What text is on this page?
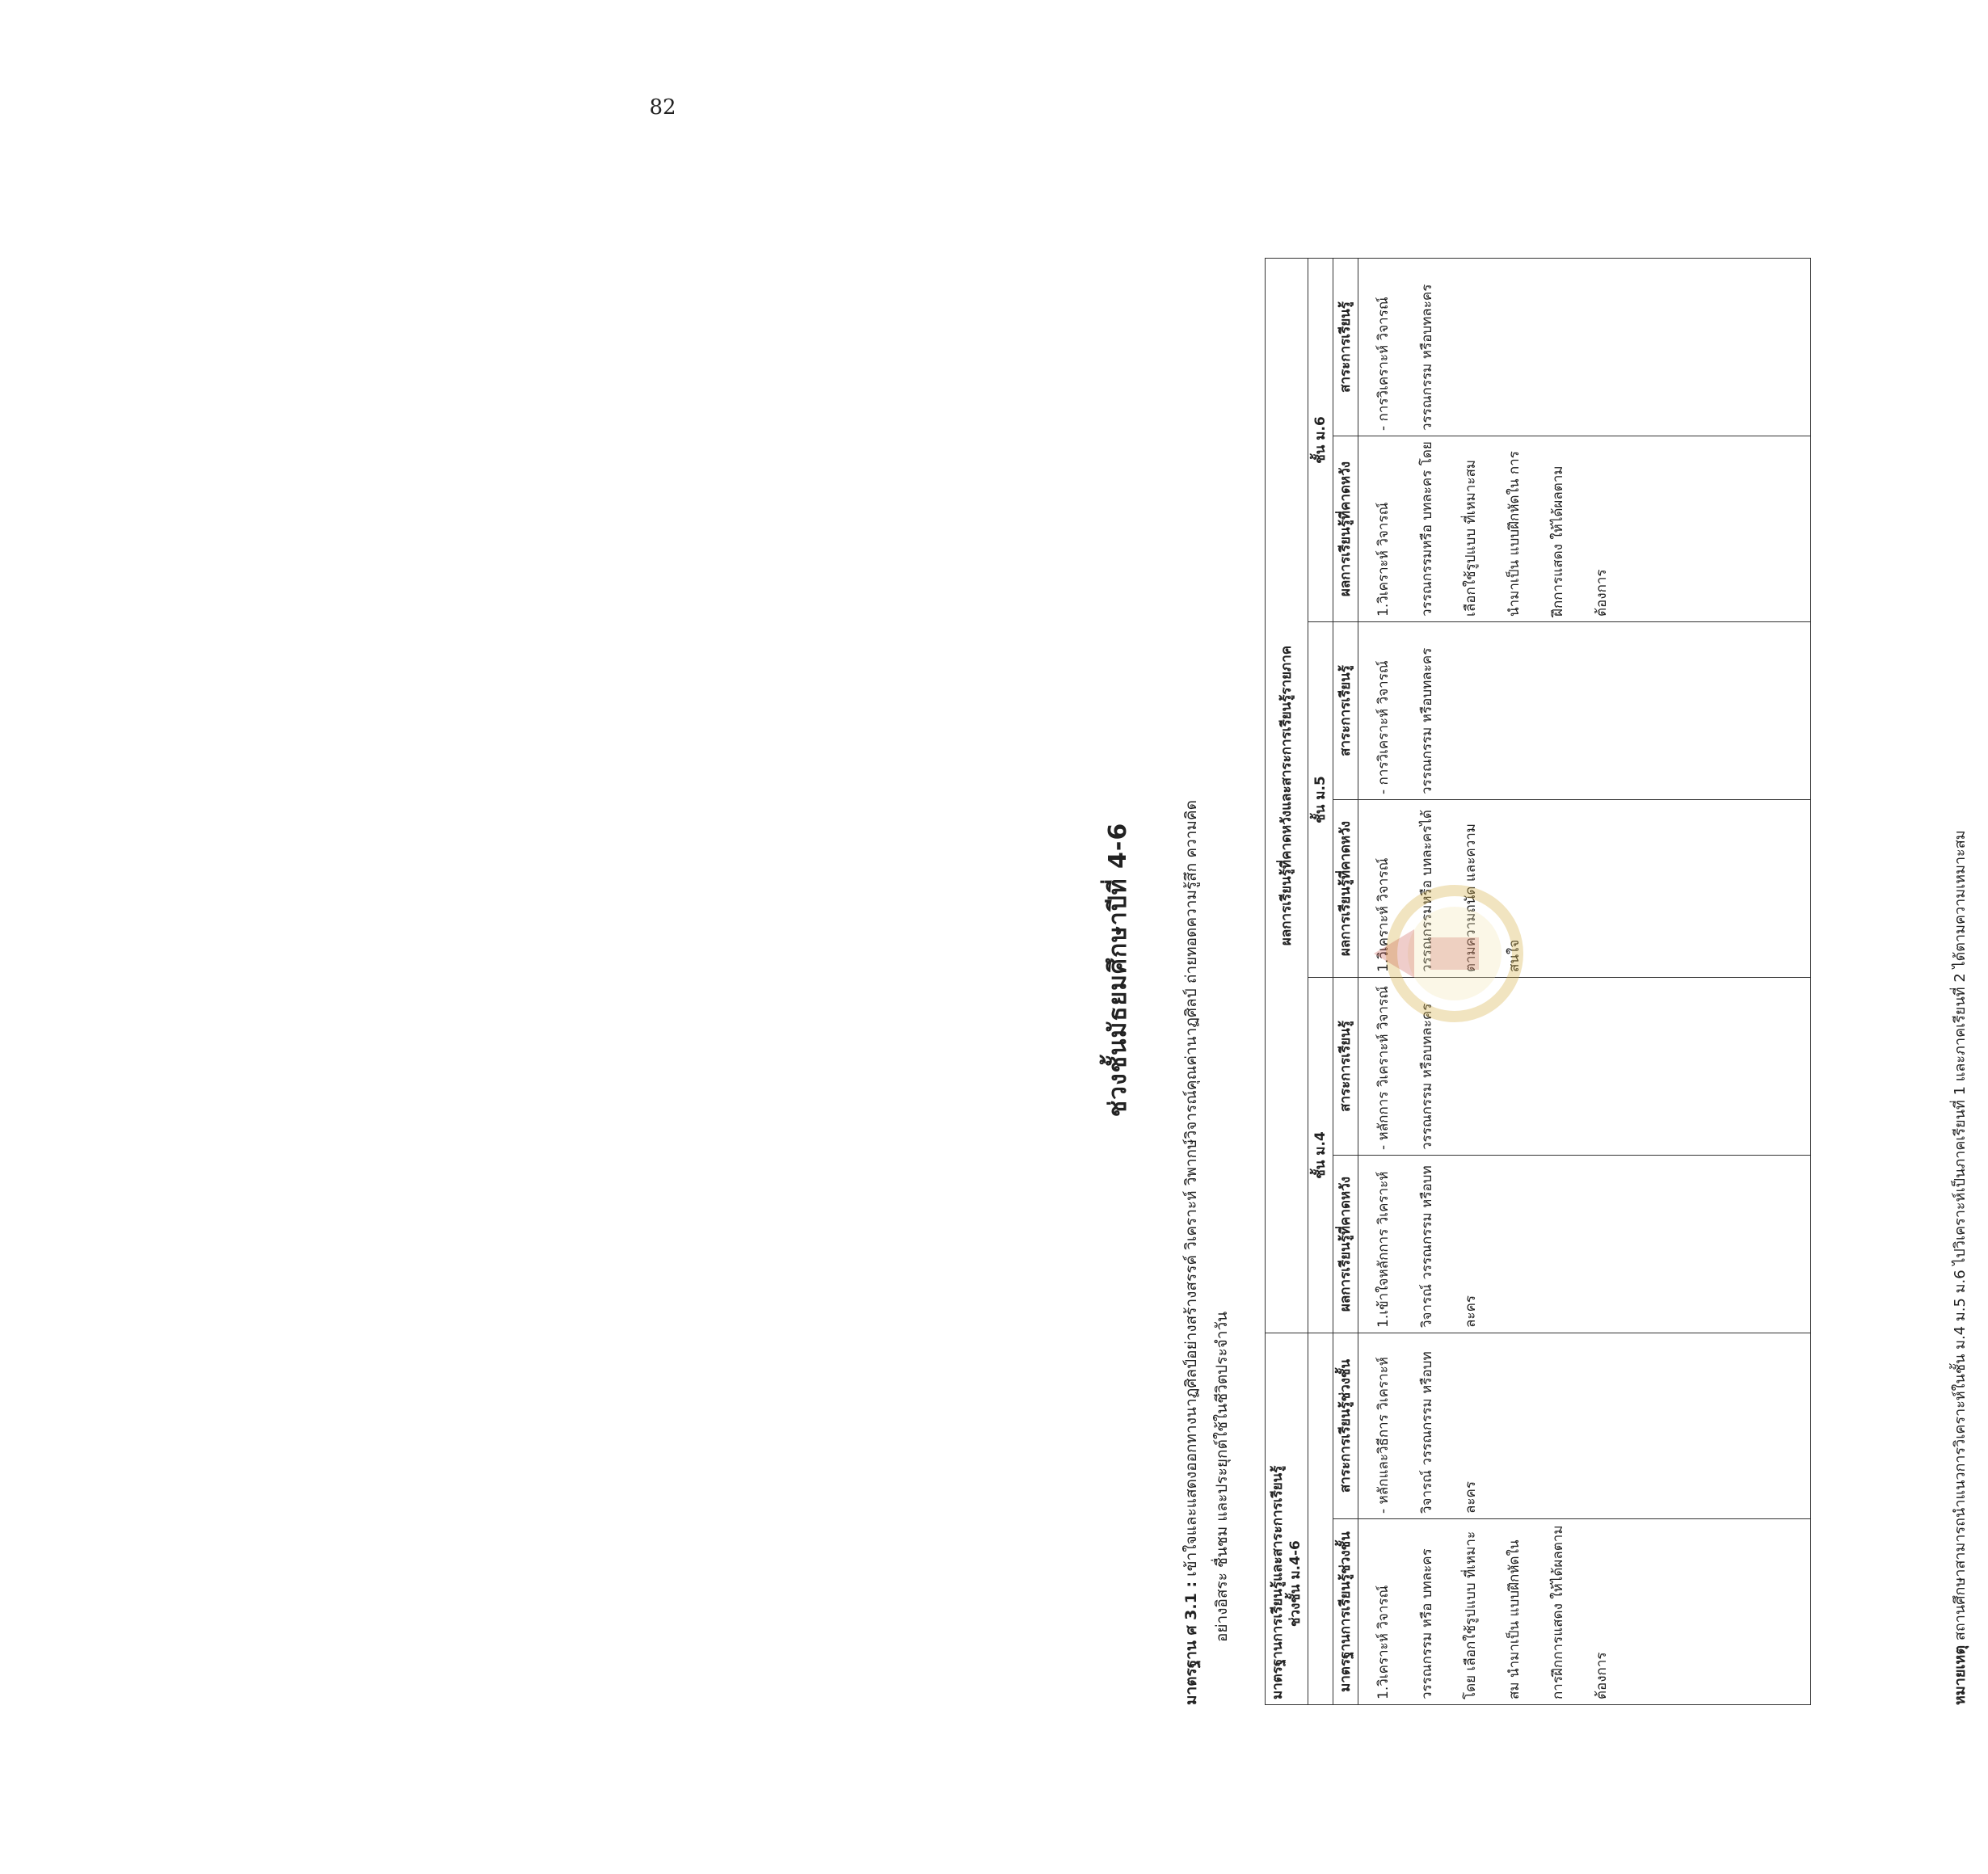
82
ช่วงชั้นมัธยมศึกษาปีที่ 4-6
มาตรฐาน ศ 3.1 : เข้าใจและแสดงออกทางนาฏศิลป์อย่างสร้างสรรค์ วิเคราะห์ วิพากษ์วิจารณ์คุณค่านาฏศิลป์ ถ่ายทอดความรู้สึก ความคิด อย่างอิสระ ชื่นชม และประยุกต์ใช้ในชีวิตประจำวัน	มาตรฐานการเรียนรู้และสาระการเรียนรู้ ช่วงชั้น ม.4-6		ผลการเรียนรู้ที่คาดหวังและสาระการเรียนรู้รายภาค					
		ชั้น ม.4		ชั้น ม.5		ชั้น ม.6	
มาตรฐานการเรียนรู้ช่วงชั้น	สาระการเรียนรู้ช่วงชั้น	ผลการเรียนรู้ที่คาดหวัง	สาระการเรียนรู้	ผลการเรียนรู้ที่คาดหวัง	สาระการเรียนรู้	ผลการเรียนรู้ที่คาดหวัง	สาระการเรียนรู้
1.วิเคราะห์ วิจารณ์ วรรณกรรม หรือ บทละคร โดย เลือกใช้รูปแบบ ที่เหมาะสม นำมาเป็น แบบฝึกหัดใน การฝึกการแสดง ให้ได้ผลตาม ต้องการ	- หลักและวิธีการ วิเคราะห์ วิจารณ์ วรรณกรรม หรือบทละคร	1.เข้าใจหลักการ วิเคราะห์ วิจารณ์ วรรณกรรม หรือบทละคร	- หลักการ วิเคราะห์ วิจารณ์ วรรณกรรม หรือบทละคร	1.วิเคราะห์ วิจารณ์ วรรณกรรมหรือ บทละครได้ ตามความถนัด และความสนใจ	- การวิเคราะห์ วิจารณ์ วรรณกรรม หรือบทละคร	1.วิเคราะห์ วิจารณ์ วรรณกรรมหรือ บทละคร โดย เลือกใช้รูปแบบ ที่เหมาะสม นำมาเป็น แบบฝึกหัดใน การฝึกการแสดง ให้ได้ผลตาม ต้องการ	- การวิเคราะห์ วิจารณ์ วรรณกรรม หรือบทละคร
หมายเหตุ สถานศึกษาสามารถนำแนวการวิเคราะห์ในชั้น ม.4 ม.5 ม.6 ไปวิเคราะห์เป็นภาคเรียนที่ 1 และภาคเรียนที่ 2 ได้ตามความเหมาะสม
